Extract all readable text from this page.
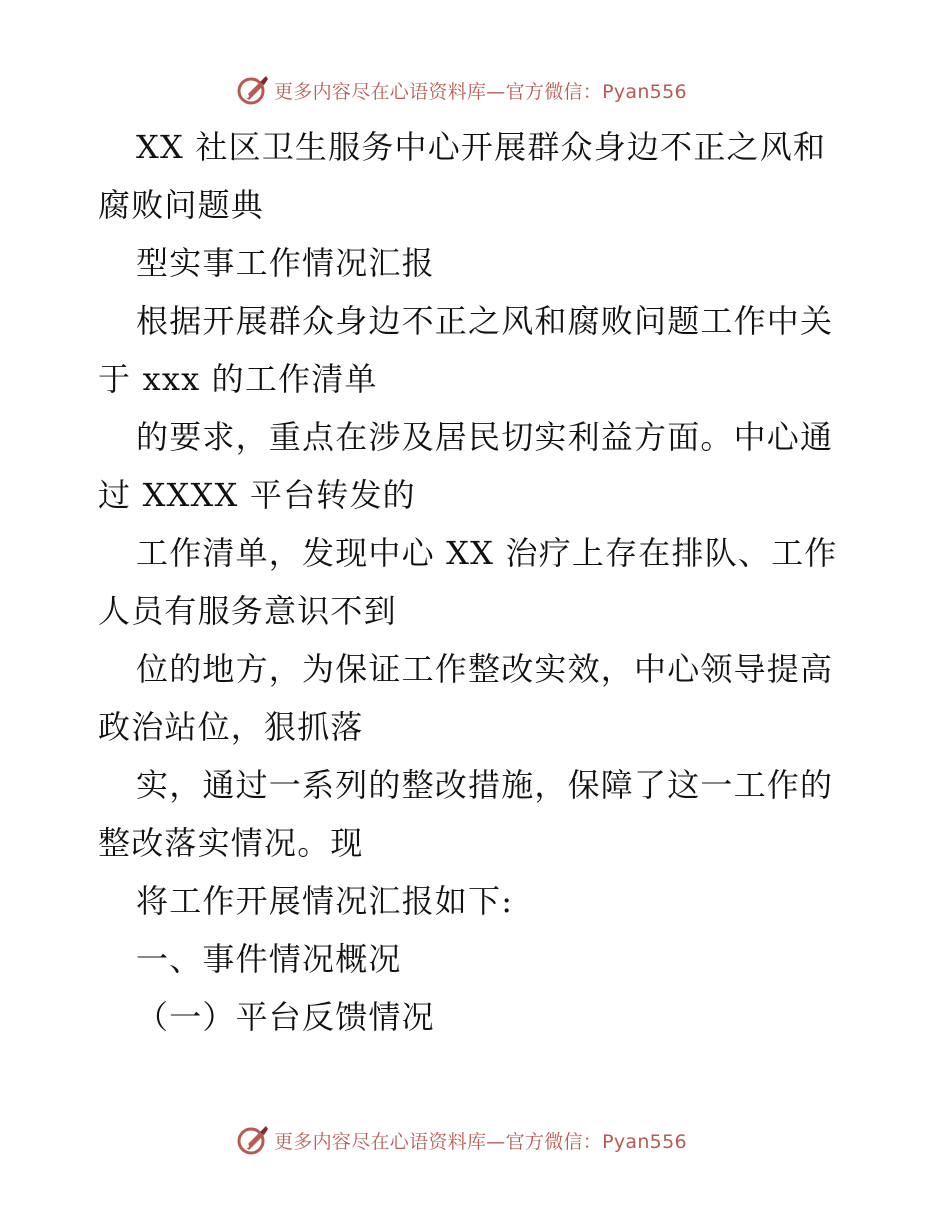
更多内容尽在心语资料库—官方微信：Pyan556
XX 社区卫生服务中心开展群众身边不正之风和
腐败问题典
型实事工作情况汇报
根据开展群众身边不正之风和腐败问题工作中关
于 xxx 的工作清单
的要求，重点在涉及居民切实利益方面。中心通
过 XXXX 平台转发的
工作清单，发现中心 XX 治疗上存在排队、工作
人员有服务意识不到
位的地方，为保证工作整改实效，中心领导提高
政治站位，狠抓落
实，通过一系列的整改措施，保障了这一工作的
整改落实情况。现
将工作开展情况汇报如下:
一、事件情况概况
（一）平台反馈情况
更多内容尽在心语资料库—官方微信：Pyan556
